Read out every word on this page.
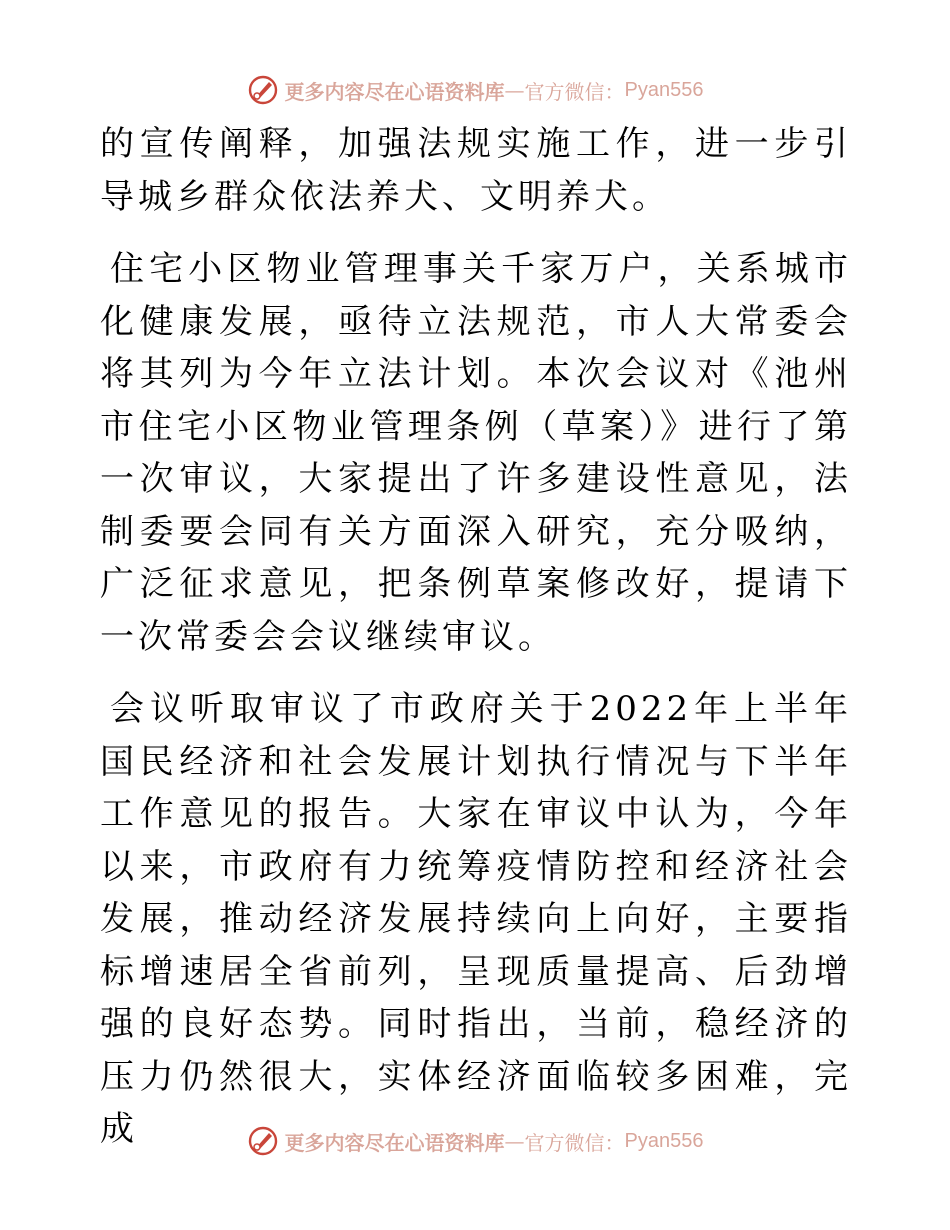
更多内容尽在心语资料库 — 官方微信： Pyan556

的宣传阐释，加强法规实施工作，进一步引导城乡群众依法养犬、文明养犬。

住宅小区物业管理事关千家万户，关系城市化健康发展，亟待立法规范，市人大常委会将其列为今年立法计划。本次会议对《池州市住宅小区物业管理条例（草案）》进行了第一次审议，大家提出了许多建设性意见，法制委要会同有关方面深入研究，充分吸纳，广泛征求意见，把条例草案修改好，提请下一次常委会会议继续审议。

会议听取审议了市政府关于2022年上半年国民经济和社会发展计划执行情况与下半年工作意见的报告。大家在审议中认为，今年以来，市政府有力统筹疫情防控和经济社会发展，推动经济发展持续向上向好，主要指标增速居全省前列，呈现质量提高、后劲增强的良好态势。同时指出，当前，稳经济的压力仍然很大，实体经济面临较多困难，完成	更多内容尽在心语资料库 — 官方微信： Pyan556
